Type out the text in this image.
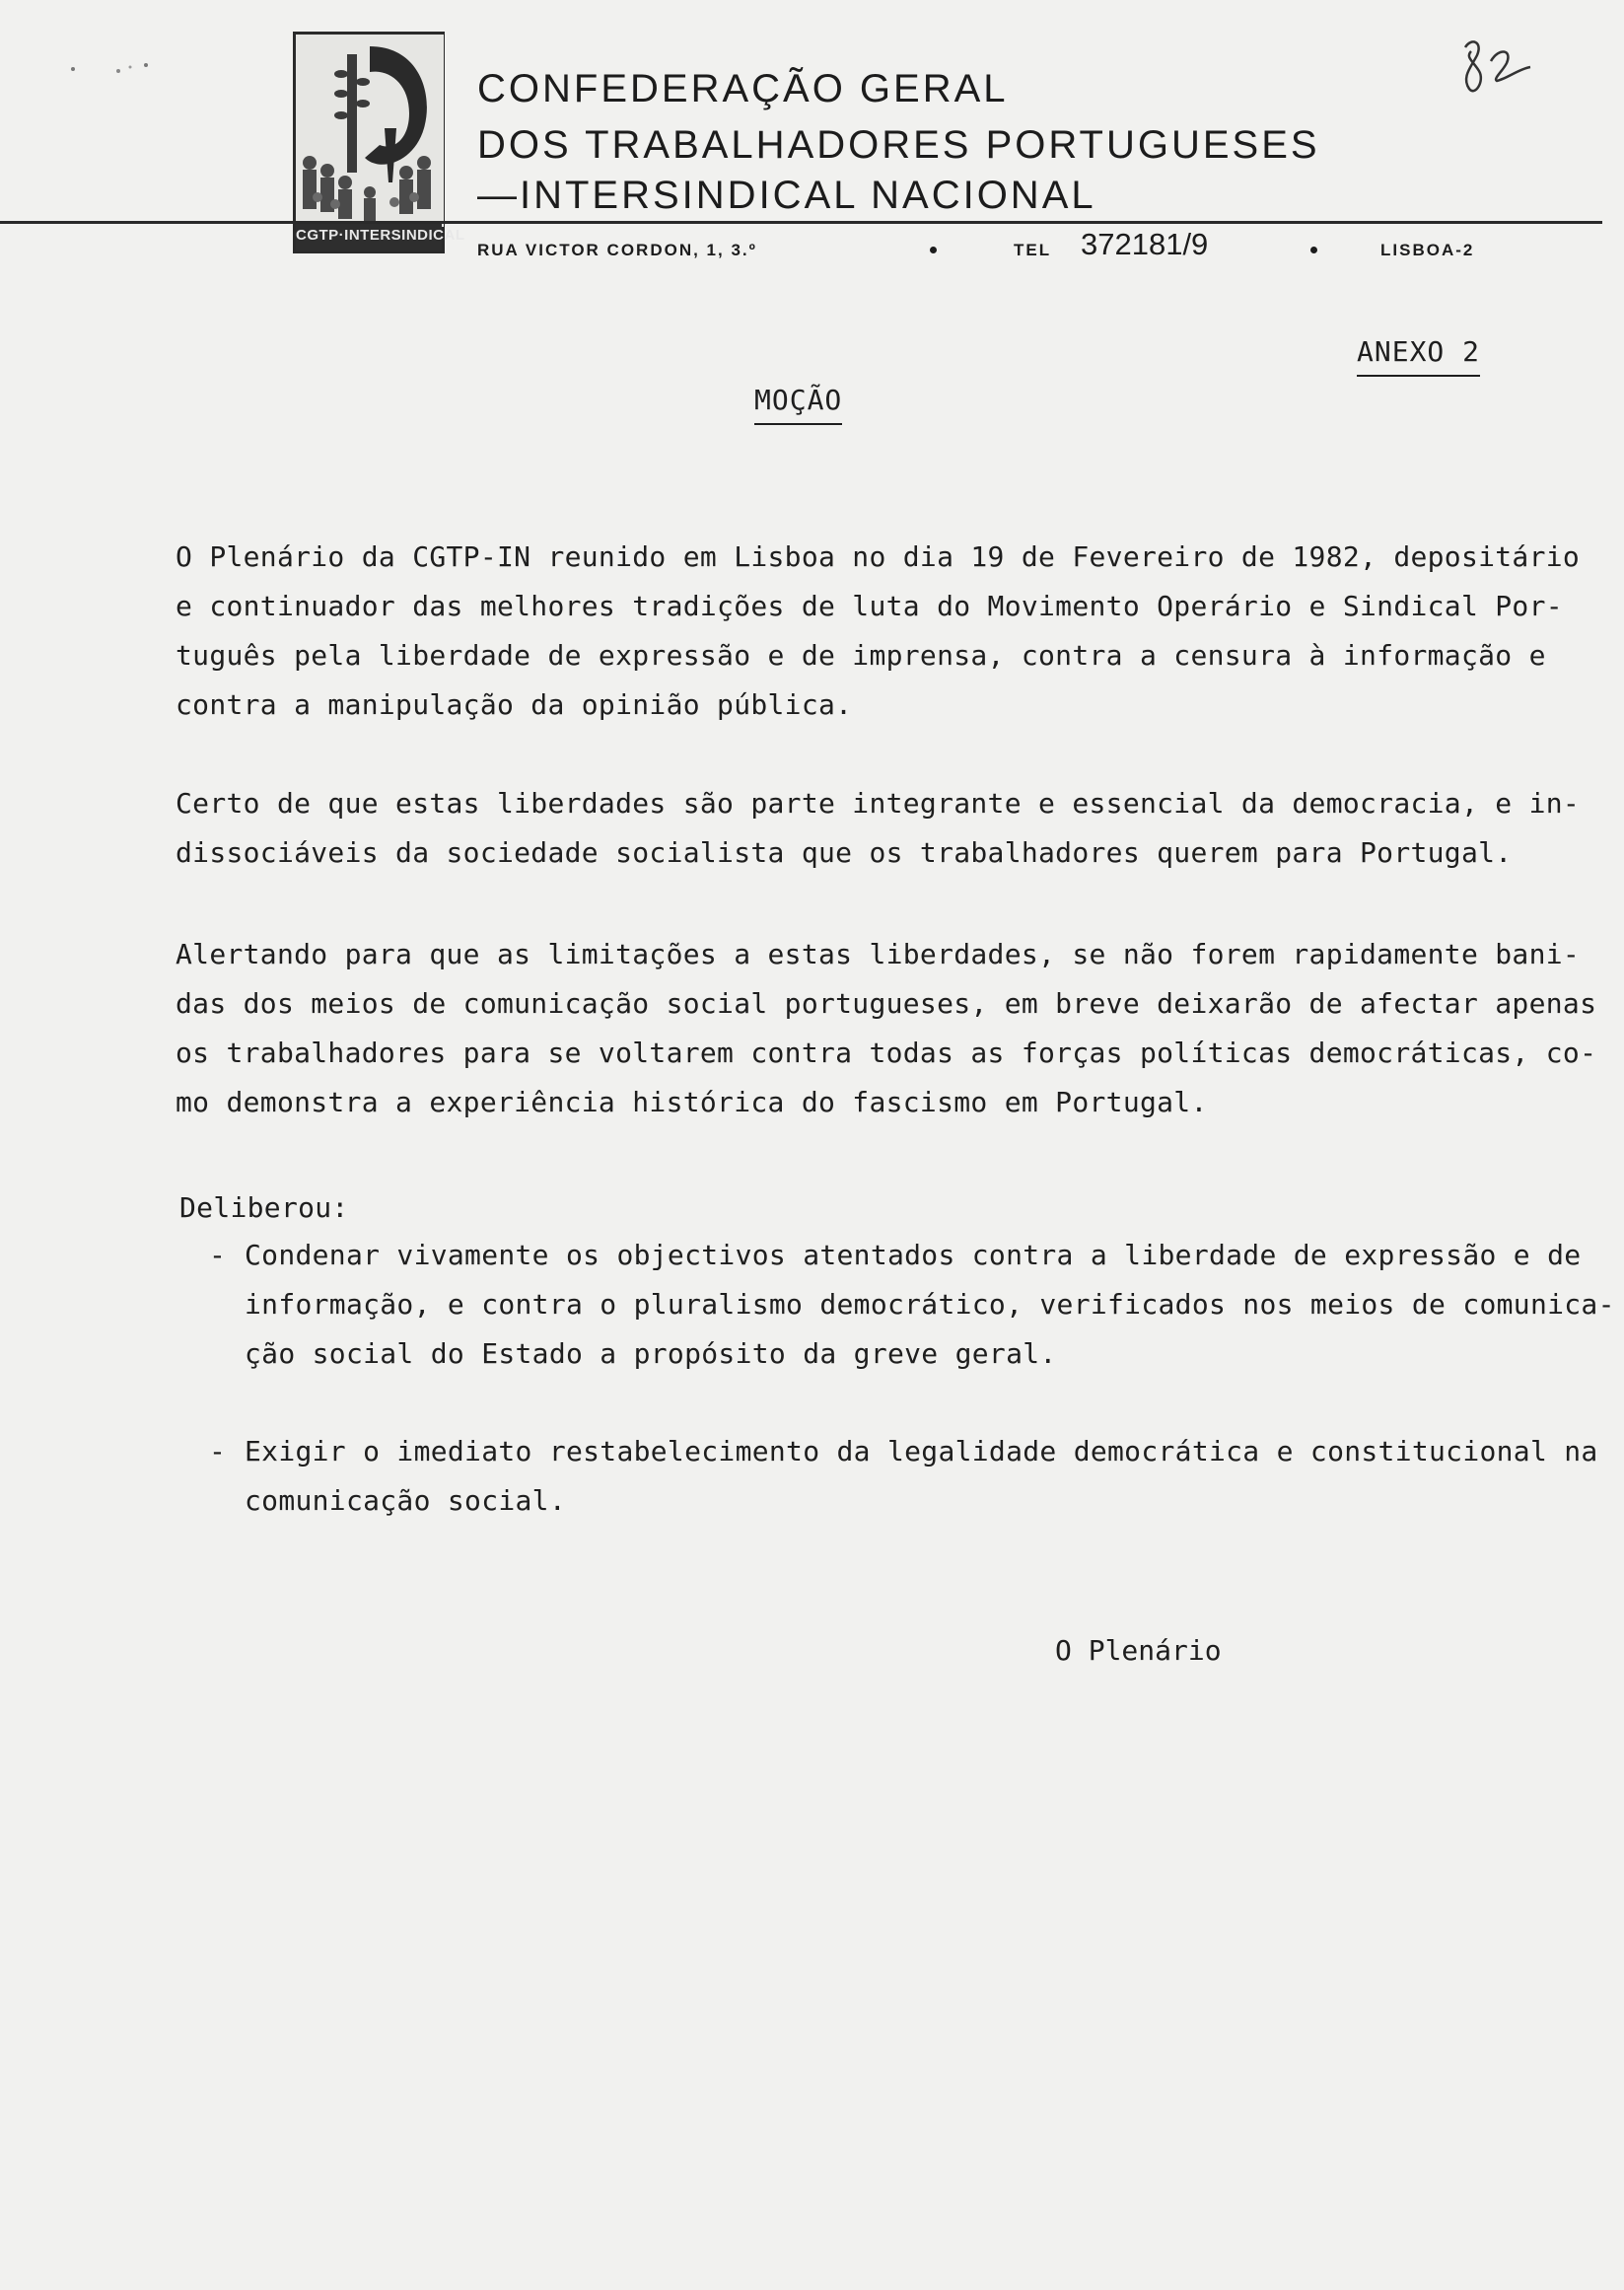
CGTP·INTERSINDICAL
CONFEDERAÇÃO GERAL
DOS TRABALHADORES PORTUGUESES
—INTERSINDICAL NACIONAL
RUA VICTOR CORDON, 1, 3.º	TEL 372181/9	LISBOA-2
ANEXO 2
MOÇÃO
O Plenário da CGTP-IN reunido em Lisboa no dia 19 de Fevereiro de 1982, depositário
e continuador das melhores tradições de luta do Movimento Operário e Sindical Por-
tuguês pela liberdade de expressão e de imprensa, contra a censura à informação e
contra a manipulação da opinião pública.
Certo de que estas liberdades são parte integrante e essencial da democracia, e in-
dissociáveis da sociedade socialista que os trabalhadores querem para Portugal.
Alertando para que as limitações a estas liberdades, se não forem rapidamente bani-
das dos meios de comunicação social portugueses, em breve deixarão de afectar apenas
os trabalhadores para se voltarem contra todas as forças políticas democráticas, co-
mo demonstra a experiência histórica do fascismo em Portugal.
Deliberou:
- Condenar vivamente os objectivos atentados contra a liberdade de expressão e de
informação, e contra o pluralismo democrático, verificados nos meios de comunica-
ção social do Estado a propósito da greve geral.
- Exigir o imediato restabelecimento da legalidade democrática e constitucional na
comunicação social.
O Plenário
